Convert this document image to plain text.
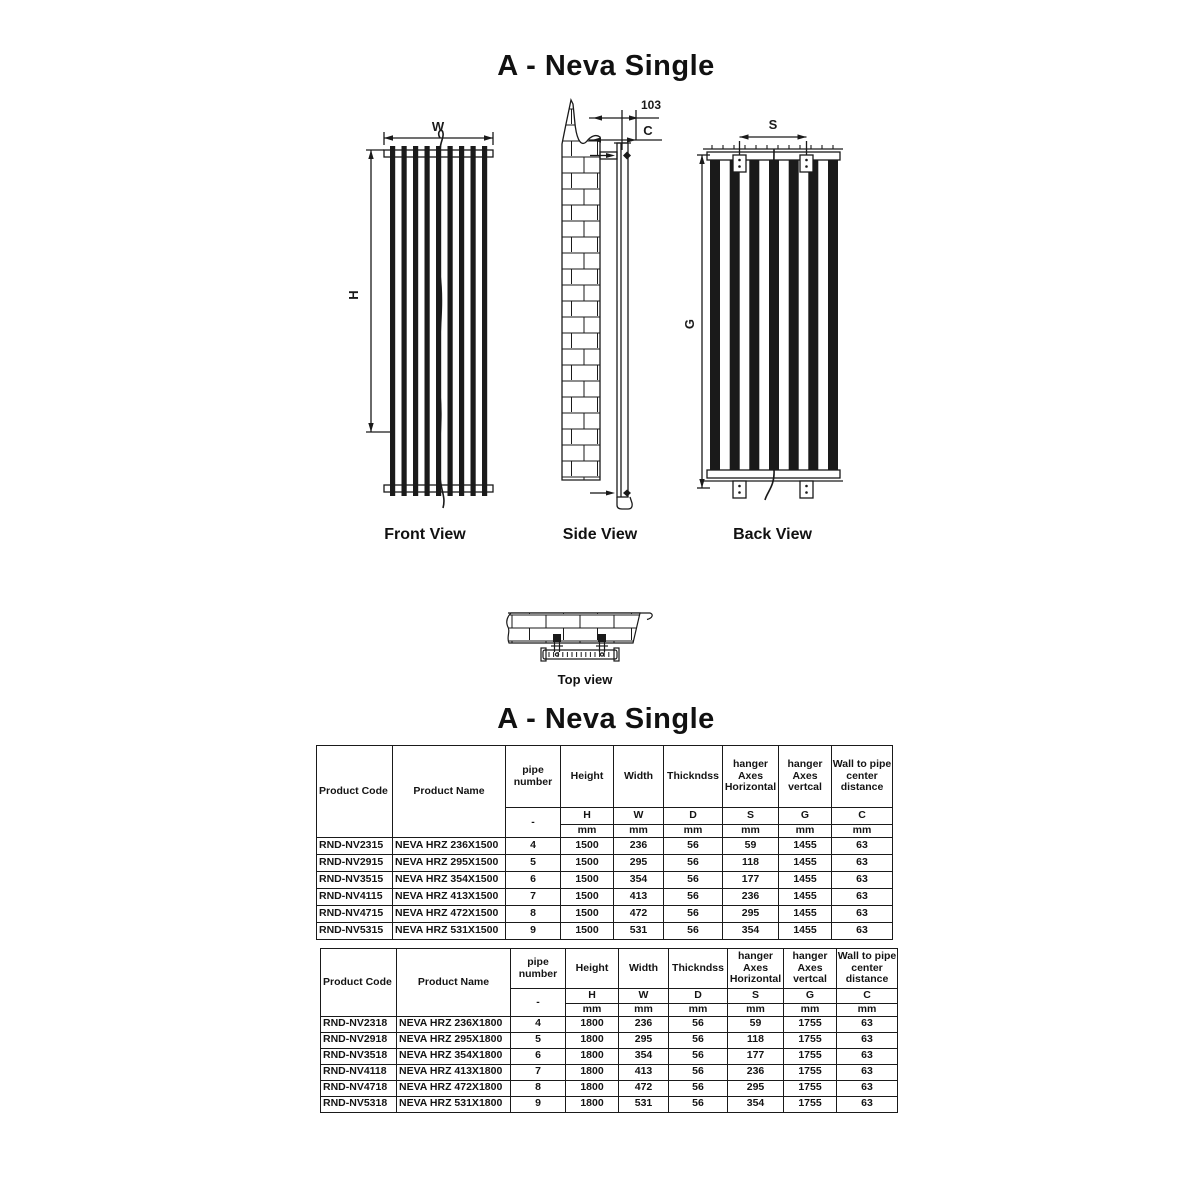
A - Neva Single
A - Neva Single
W
H
Front View
103
C
Side View
S
G
Back View
Top view
Product Code	Product Name	pipe number	Height	Width	Thickndss	hanger Axes Horizontal	hanger Axes vertcal	Wall to pipe center distance
		-	H	W	D	S	G	C
			mm	mm	mm	mm	mm	mm
RND-NV2315	NEVA HRZ 236X1500	4	1500	236	56	59	1455	63
RND-NV2915	NEVA HRZ 295X1500	5	1500	295	56	118	1455	63
RND-NV3515	NEVA HRZ 354X1500	6	1500	354	56	177	1455	63
RND-NV4115	NEVA HRZ 413X1500	7	1500	413	56	236	1455	63
RND-NV4715	NEVA HRZ 472X1500	8	1500	472	56	295	1455	63
RND-NV5315	NEVA HRZ 531X1500	9	1500	531	56	354	1455	63
Product Code	Product Name	pipe number	Height	Width	Thickndss	hanger Axes Horizontal	hanger Axes vertcal	Wall to pipe center distance
		-	H	W	D	S	G	C
			mm	mm	mm	mm	mm	mm
RND-NV2318	NEVA HRZ 236X1800	4	1800	236	56	59	1755	63
RND-NV2918	NEVA HRZ 295X1800	5	1800	295	56	118	1755	63
RND-NV3518	NEVA HRZ 354X1800	6	1800	354	56	177	1755	63
RND-NV4118	NEVA HRZ 413X1800	7	1800	413	56	236	1755	63
RND-NV4718	NEVA HRZ 472X1800	8	1800	472	56	295	1755	63
RND-NV5318	NEVA HRZ 531X1800	9	1800	531	56	354	1755	63
